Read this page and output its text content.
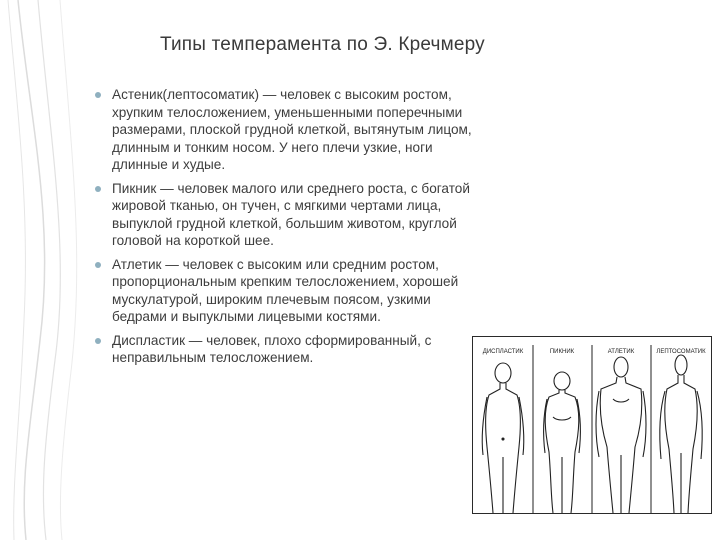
Типы темперамента по Э. Кречмеру
Астеник(лептосоматик) — человек с высоким ростом, хрупким телосложением, уменьшенными поперечными размерами, плоской грудной клеткой, вытянутым лицом, длинным и тонким носом. У него плечи узкие, ноги длинные и худые.
Пикник — человек малого или среднего роста, с богатой жировой тканью, он тучен, с мягкими чертами лица, выпуклой грудной клеткой, большим животом, круглой головой на короткой шее.
Атлетик — человек с высоким или средним ростом, пропорциональным крепким телосложением, хорошей мускулатурой, широким плечевым поясом, узкими бедрами и выпуклыми лицевыми костями.
Диспластик — человек, плохо сформированный, с неправильным телосложением.	ДИСПЛАСТИК	ПИКНИК	АТЛЕТИК	ЛЕПТОСОМАТИК
